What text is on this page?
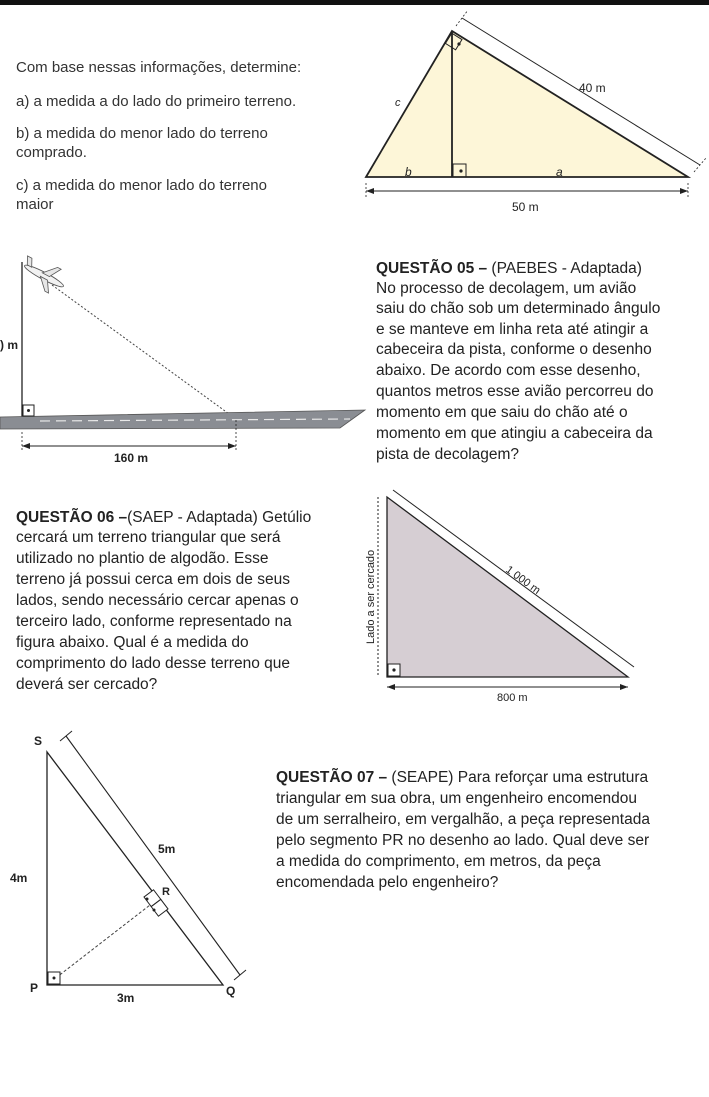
Com base nessas informações, determine:
a) a medida a do lado do primeiro terreno.
b) a medida do menor lado do terreno
comprado.
c) a medida do menor lado do terreno
maior
40 m
c
b	a
50 m
) m
160 m
QUESTÃO 05 – (PAEBES - Adaptada)
No processo de decolagem, um avião
saiu do chão sob um determinado ângulo
e se manteve em linha reta até atingir a
cabeceira da pista, conforme o desenho
abaixo. De acordo com esse desenho,
quantos metros esse avião percorreu do
momento em que saiu do chão até o
momento em que atingiu a cabeceira da
pista de decolagem?
QUESTÃO 06 –(SAEP - Adaptada) Getúlio
cercará um terreno triangular que será
utilizado no plantio de algodão. Esse
terreno já possui cerca em dois de seus
lados, sendo necessário cercar apenas o
terceiro lado, conforme representado na
figura abaixo. Qual é a medida do
comprimento do lado desse terreno que
deverá ser cercado?
1 000 m
Lado a ser cercado
800 m
S
4m
5m
R
P	Q
3m
QUESTÃO 07 – (SEAPE) Para reforçar uma estrutura
triangular em sua obra, um engenheiro encomendou
de um serralheiro, em vergalhão, a peça representada
pelo segmento PR no desenho ao lado. Qual deve ser
a medida do comprimento, em metros, da peça
encomendada pelo engenheiro?
